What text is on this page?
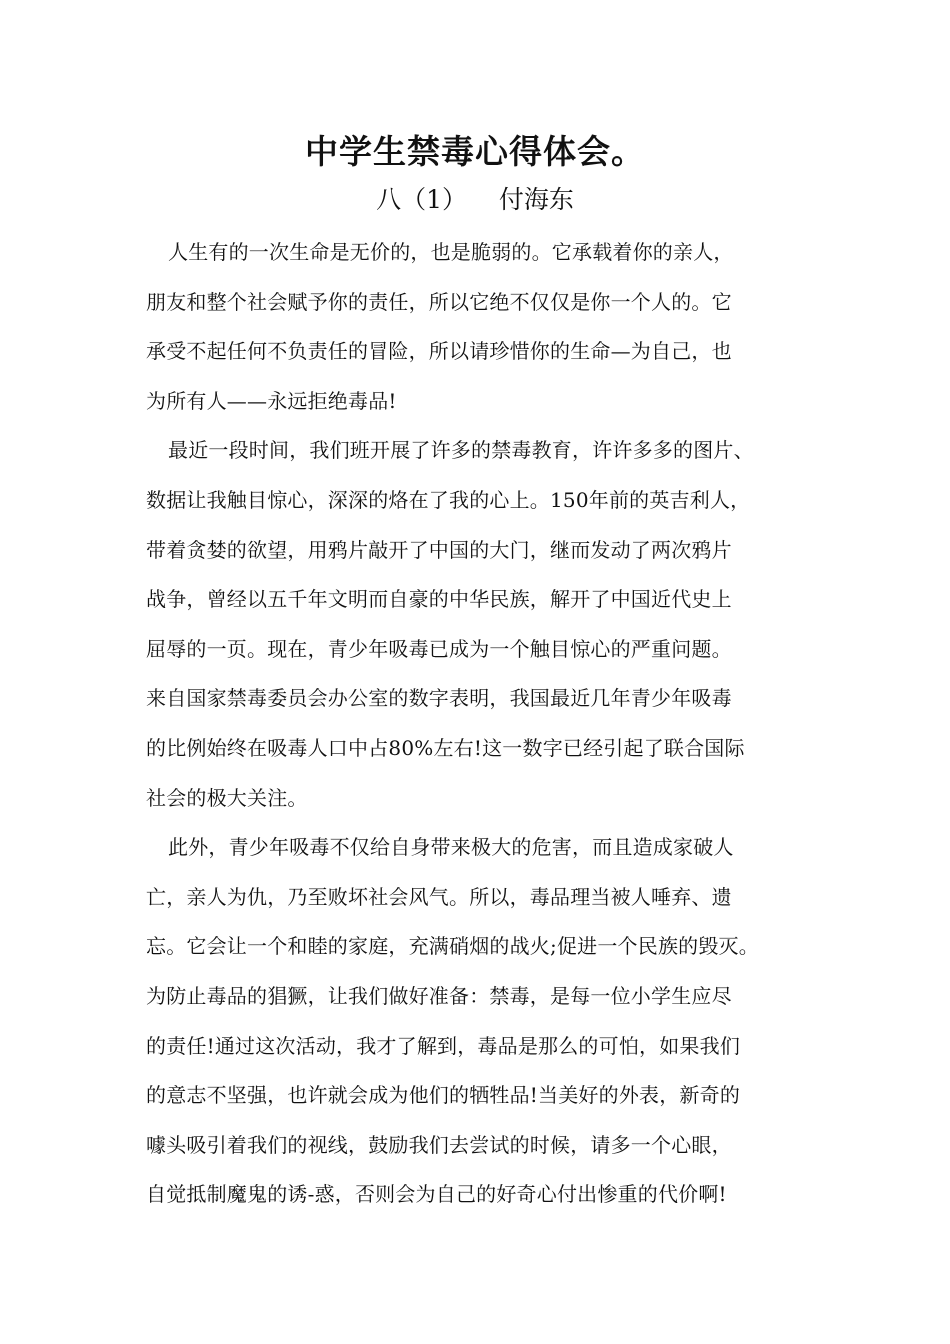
中学生禁毒心得体会。
八（1）    付海东
人生有的一次生命是无价的，也是脆弱的。它承载着你的亲人，
朋友和整个社会赋予你的责任，所以它绝不仅仅是你一个人的。它
承受不起任何不负责任的冒险，所以请珍惜你的生命—为自己，也
为所有人——永远拒绝毒品!
最近一段时间，我们班开展了许多的禁毒教育，许许多多的图片、
数据让我触目惊心，深深的烙在了我的心上。150年前的英吉利人，
带着贪婪的欲望，用鸦片敲开了中国的大门，继而发动了两次鸦片
战争，曾经以五千年文明而自豪的中华民族，解开了中国近代史上
屈辱的一页。现在，青少年吸毒已成为一个触目惊心的严重问题。
来自国家禁毒委员会办公室的数字表明，我国最近几年青少年吸毒
的比例始终在吸毒人口中占80%左右!这一数字已经引起了联合国际
社会的极大关注。
此外，青少年吸毒不仅给自身带来极大的危害，而且造成家破人
亡，亲人为仇，乃至败坏社会风气。所以，毒品理当被人唾弃、遗
忘。它会让一个和睦的家庭，充满硝烟的战火;促进一个民族的毁灭。
为防止毒品的猖獗，让我们做好准备：禁毒，是每一位小学生应尽
的责任!通过这次活动，我才了解到，毒品是那么的可怕，如果我们
的意志不坚强，也许就会成为他们的牺牲品!当美好的外表，新奇的
噱头吸引着我们的视线，鼓励我们去尝试的时候，请多一个心眼，
自觉抵制魔鬼的诱-惑，否则会为自己的好奇心付出惨重的代价啊!
